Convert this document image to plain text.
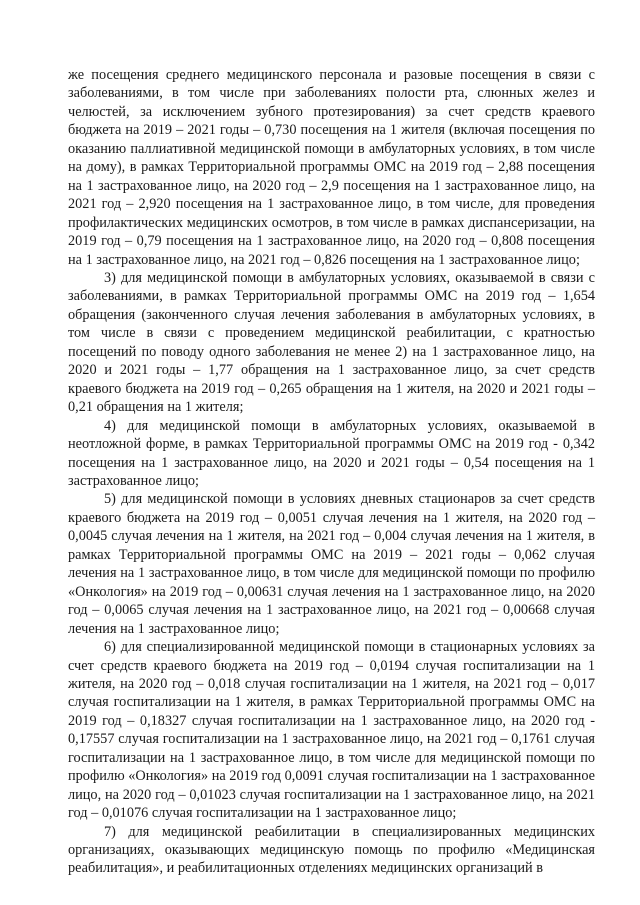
же посещения среднего медицинского персонала и разовые посещения в связи с заболеваниями, в том числе при заболеваниях полости рта, слюнных желез и челюстей, за исключением зубного протезирования) за счет средств краевого бюджета на 2019 – 2021 годы – 0,730 посещения на 1 жителя (включая посещения по оказанию паллиативной медицинской помощи в амбулаторных условиях, в том числе на дому), в рамках Территориальной программы ОМС на 2019 год – 2,88 посещения на 1 застрахованное лицо, на 2020 год – 2,9 посещения на 1 застрахованное лицо, на 2021 год – 2,920 посещения на 1 застрахованное лицо, в том числе, для проведения профилактических медицинских осмотров, в том числе в рамках диспансеризации, на 2019 год – 0,79 посещения на 1 застрахованное лицо, на 2020 год – 0,808 посещения на 1 застрахованное лицо, на 2021 год – 0,826 посещения на 1 застрахованное лицо;

3) для медицинской помощи в амбулаторных условиях, оказываемой в связи с заболеваниями, в рамках Территориальной программы ОМС на 2019 год – 1,654 обращения (законченного случая лечения заболевания в амбулаторных условиях, в том числе в связи с проведением медицинской реабилитации, с кратностью посещений по поводу одного заболевания не менее 2) на 1 застрахованное лицо, на 2020 и 2021 годы – 1,77 обращения на 1 застрахованное лицо, за счет средств краевого бюджета на 2019 год – 0,265 обращения на 1 жителя, на 2020 и 2021 годы – 0,21 обращения на 1 жителя;

4) для медицинской помощи в амбулаторных условиях, оказываемой в неотложной форме, в рамках Территориальной программы ОМС на 2019 год - 0,342 посещения на 1 застрахованное лицо, на 2020 и 2021 годы – 0,54 посещения на 1 застрахованное лицо;

5) для медицинской помощи в условиях дневных стационаров за счет средств краевого бюджета на 2019 год – 0,0051 случая лечения на 1 жителя, на 2020 год – 0,0045 случая лечения на 1 жителя, на 2021 год – 0,004 случая лечения на 1 жителя, в рамках Территориальной программы ОМС на 2019 – 2021 годы – 0,062 случая лечения на 1 застрахованное лицо, в том числе для медицинской помощи по профилю «Онкология» на 2019 год – 0,00631 случая лечения на 1 застрахованное лицо, на 2020 год – 0,0065 случая лечения на 1 застрахованное лицо, на 2021 год – 0,00668 случая лечения на 1 застрахованное лицо;

6) для специализированной медицинской помощи в стационарных условиях за счет средств краевого бюджета на 2019 год – 0,0194 случая госпитализации на 1 жителя, на 2020 год – 0,018 случая госпитализации на 1 жителя, на 2021 год – 0,017 случая госпитализации на 1 жителя, в рамках Территориальной программы ОМС на 2019 год – 0,18327 случая госпитализации на 1 застрахованное лицо, на 2020 год - 0,17557 случая госпитализации на 1 застрахованное лицо, на 2021 год – 0,1761 случая госпитализации на 1 застрахованное лицо, в том числе для медицинской помощи по профилю «Онкология» на 2019 год 0,0091 случая госпитализации на 1 застрахованное лицо, на 2020 год – 0,01023 случая госпитализации на 1 застрахованное лицо, на 2021 год – 0,01076 случая госпитализации на 1 застрахованное лицо;

7) для медицинской реабилитации в специализированных медицинских организациях, оказывающих медицинскую помощь по профилю «Медицинская реабилитация», и реабилитационных отделениях медицинских организаций в
